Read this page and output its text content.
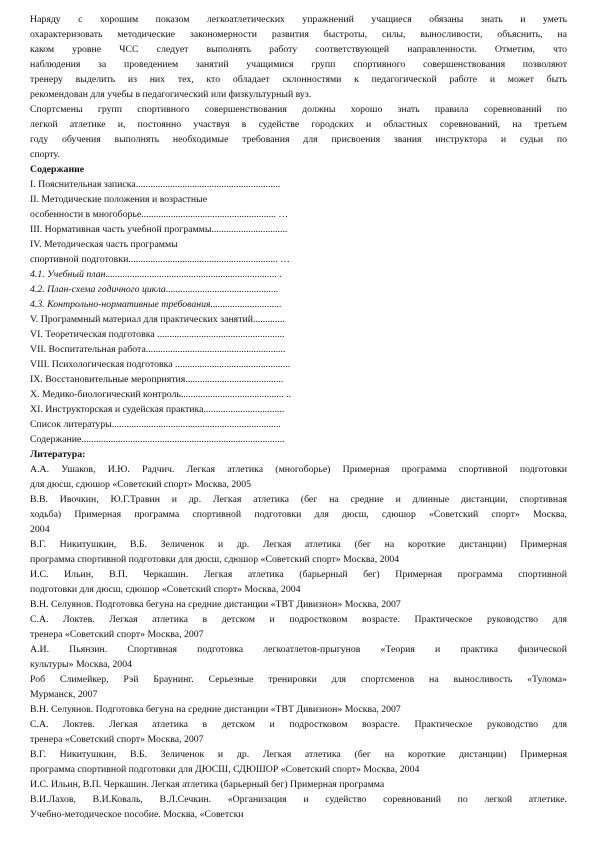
Наряду с хорошим показом легкоатлетических упражнений учащиеся обязаны знать и уметь
охарактеризовать методические закономерности развития быстроты, силы, выносливости, объяснить, на
каком уровне ЧСС следует выполнять работу соответствующей направленности. Отметим, что
наблюдения за проведением занятий учащимися групп спортивного совершенствования позволяют
тренеру выделить из них тех, кто обладает склонностями к педагогической работе и может быть
рекомендован для учебы в педагогический или физкультурный вуз.

Спортсмены групп спортивного совершенствования должны хорошо знать правила соревнований по
легкой атлетике и, постоянно участвуя в судействе городских и областных соревнований, на третьем
году обучения выполнять необходимые требования для присвоения звания инструктора и судьи по
спорту.

Содержание
I. Пояснительная записка...........................................................
II. Методические положения и возрастные
особенности в многоборье....................................................... …
III. Нормативная часть учебной программы...............................
IV. Методическая часть программы
спортивной подготовки............................................................. …
4.1. Учебный план...................................................................... .
4.2. План-схема годичного цикла..............................................
4.3. Контрольно-нормативные требования.............................
V. Программный материал для практических занятий.............
VI. Теоретическая подготовка ....................................................
VII. Воспитательная работа.........................................................
VIII. Психологическая подготовка ...............................................
IX. Восстановительные мероприятия........................................
X. Медико-биологический контроль.......................................... ..
XI. Инструкторская и судейская практика.................................
Список литературы.....................................................................
Содержание...................................................................................
Литература:
А.А. Ушаков, И.Ю. Радчич. Легкая атлетика (многоборье) Примерная программа спортивной подготовки
для дюсш, сдюшор «Советский спорт» Москва, 2005
В.В. Ивочкин, Ю.Г.Травин и др. Легкая атлетика (бег на средние и длинные дистанции, спортивная
ходьба) Примерная программа спортивной подготовки для дюсш, сдюшор «Советский спорт» Москва,
2004
В.Г. Никитушкин, В.Б. Зеличенок и др. Легкая атлетика (бег на короткие дистанции) Примерная
программа спортивной подготовки для дюсш, сдюшор «Советский спорт» Москва, 2004
И.С. Ильин, В.П. Черкашин. Легкая атлетика (барьерный бег) Примерная программа спортивной
подготовки для дюсш, сдюшор «Советский спорт» Москва, 2004
В.Н. Селуянов. Подготовка бегуна на средние дистанции «ТВТ Дивизион» Москва, 2007
С.А. Локтев. Легкая атлетика в детском и подростковом возрасте. Практическое руководство для
тренера «Советский спорт» Москва, 2007
А.И. Пьянзин. Спортивная подготовка легкоатлетов-прыгунов «Теория и практика физической
культуры» Москва, 2004
Роб Слимейкер, Рэй Браунинг. Серьезные тренировки для спортсменов на выносливость «Тулома»
Мурманск, 2007
В.Н. Селуянов. Подготовка бегуна на средние дистанции «ТВТ Дивизион» Москва, 2007
С.А. Локтев. Легкая атлетика в детском и подростковом возрасте. Практическое руководство для
тренера «Советский спорт» Москва, 2007
В.Г. Никитушкин, В.Б. Зеличенок и др. Легкая атлетика (бег на короткие дистанции) Примерная
программа спортивной подготовки для ДЮСШ, СДЮШОР «Советский спорт» Москва, 2004
И.С. Ильин, В.П. Черкашин. Легкая атлетика (барьерный бег) Примерная программа
В.И.Лахов, В.И.Коваль, В.Л.Сечкин. «Организация и судейство соревнований по легкой атлетике.
Учебно-методическое пособие. Москва, «Советски
